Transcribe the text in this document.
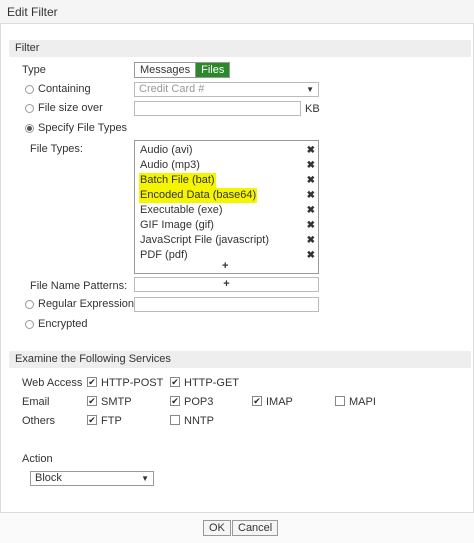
Edit Filter
Filter
Type	Messages	Files
Containing	Credit Card #	▼
File size over	KB
Specify File Types
File Types:	Audio (avi)	✖
Audio (mp3)	✖
Batch File (bat)	✖
Encoded Data (base64)	✖
Executable (exe)	✖
GIF Image (gif)	✖
JavaScript File (javascript)	✖
PDF (pdf)	✖
+
File Name Patterns:	+
Regular Expression
Encrypted
Examine the Following Services
Web Access ✔ HTTP-POST ✔ HTTP-GET
Email	✔ SMTP	✔ POP3	✔ IMAP	MAPI
Others	✔ FTP	NNTP
Action
Block	▼
OK	Cancel
